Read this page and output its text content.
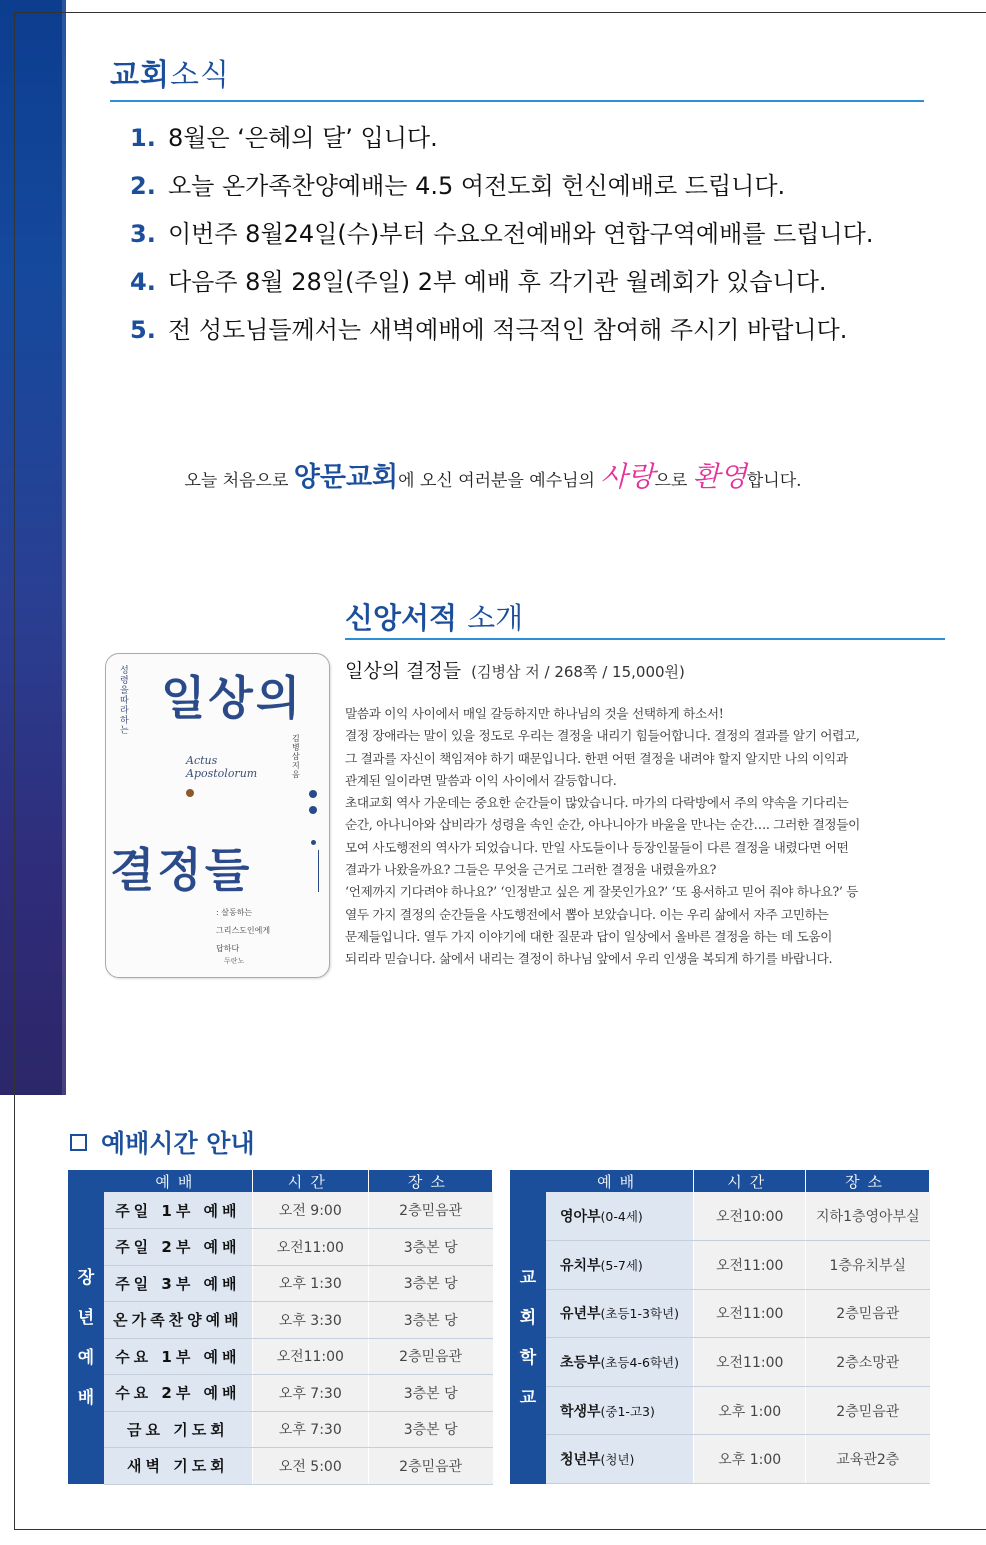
교회소식
1. 8월은 ‘은혜의 달’ 입니다.
2. 오늘 온가족찬양예배는 4.5 여전도회 헌신예배로 드립니다.
3. 이번주 8월24일(수)부터 수요오전예배와 연합구역예배를 드립니다.
4. 다음주 8월 28일(주일) 2부 예배 후 각기관 월례회가 있습니다.
5. 전 성도님들께서는 새벽예배에 적극적인 참여해 주시기 바랍니다.
오늘 처음으로 양문교회에 오신 여러분을 예수님의 사랑으로 환영합니다.
신앙서적 소개
일상의 결정들 (김병삼 저 / 268쪽 / 15,000원)
말씀과 이익 사이에서 매일 갈등하지만 하나님의 것을 선택하게 하소서!
결정 장애라는 말이 있을 정도로 우리는 결정을 내리기 힘들어합니다. 결정의 결과를 알기 어렵고,
그 결과를 자신이 책임져야 하기 때문입니다. 한편 어떤 결정을 내려야 할지 알지만 나의 이익과
관계된 일이라면 말씀과 이익 사이에서 갈등합니다.
초대교회 역사 가운데는 중요한 순간들이 많았습니다. 마가의 다락방에서 주의 약속을 기다리는
순간, 아나니아와 삽비라가 성령을 속인 순간, 아나니아가 바울을 만나는 순간…. 그러한 결정들이
모여 사도행전의 역사가 되었습니다. 만일 사도들이나 등장인물들이 다른 결정을 내렸다면 어떤
결과가 나왔을까요? 그들은 무엇을 근거로 그러한 결정을 내렸을까요?
‘언제까지 기다려야 하나요?’ ‘인정받고 싶은 게 잘못인가요?’ ‘또 용서하고 믿어 줘야 하나요?’ 등
열두 가지 결정의 순간들을 사도행전에서 뽑아 보았습니다. 이는 우리 삶에서 자주 고민하는
문제들입니다. 열두 가지 이야기에 대한 질문과 답이 일상에서 올바른 결정을 하는 데 도움이
되리라 믿습니다. 삶에서 내리는 결정이 하나님 앞에서 우리 인생을 복되게 하기를 바랍니다.
성령을 따라 하는
일상의
Actus
Apostolorum
김병삼 지음
결정들
: 살동하는
그리스도인에게
답하다
두란노
예배시간 안내
	예배	시간	장소

장
년
예
배	주일 1부 예배	오전 9:00	2층믿음관
	주일 2부 예배	오전11:00	3층본 당
	주일 3부 예배	오후 1:30	3층본 당
	온가족찬양예배	오후 3:30	3층본 당
	수요 1부 예배	오전11:00	2층믿음관
	수요 2부 예배	오후 7:30	3층본 당
	금요 기도회	오후 7:30	3층본 당
	새벽 기도회	오전 5:00	2층믿음관
	예배	시간	장소

교
회
학
교	영아부(0-4세)	오전10:00	지하1층영아부실
	유치부(5-7세)	오전11:00	1층유치부실
	유년부(초등1-3학년)	오전11:00	2층믿음관
	초등부(초등4-6학년)	오전11:00	2층소망관
	학생부(중1-고3)	오후 1:00	2층믿음관
	청년부(청년)	오후 1:00	교육관2층
